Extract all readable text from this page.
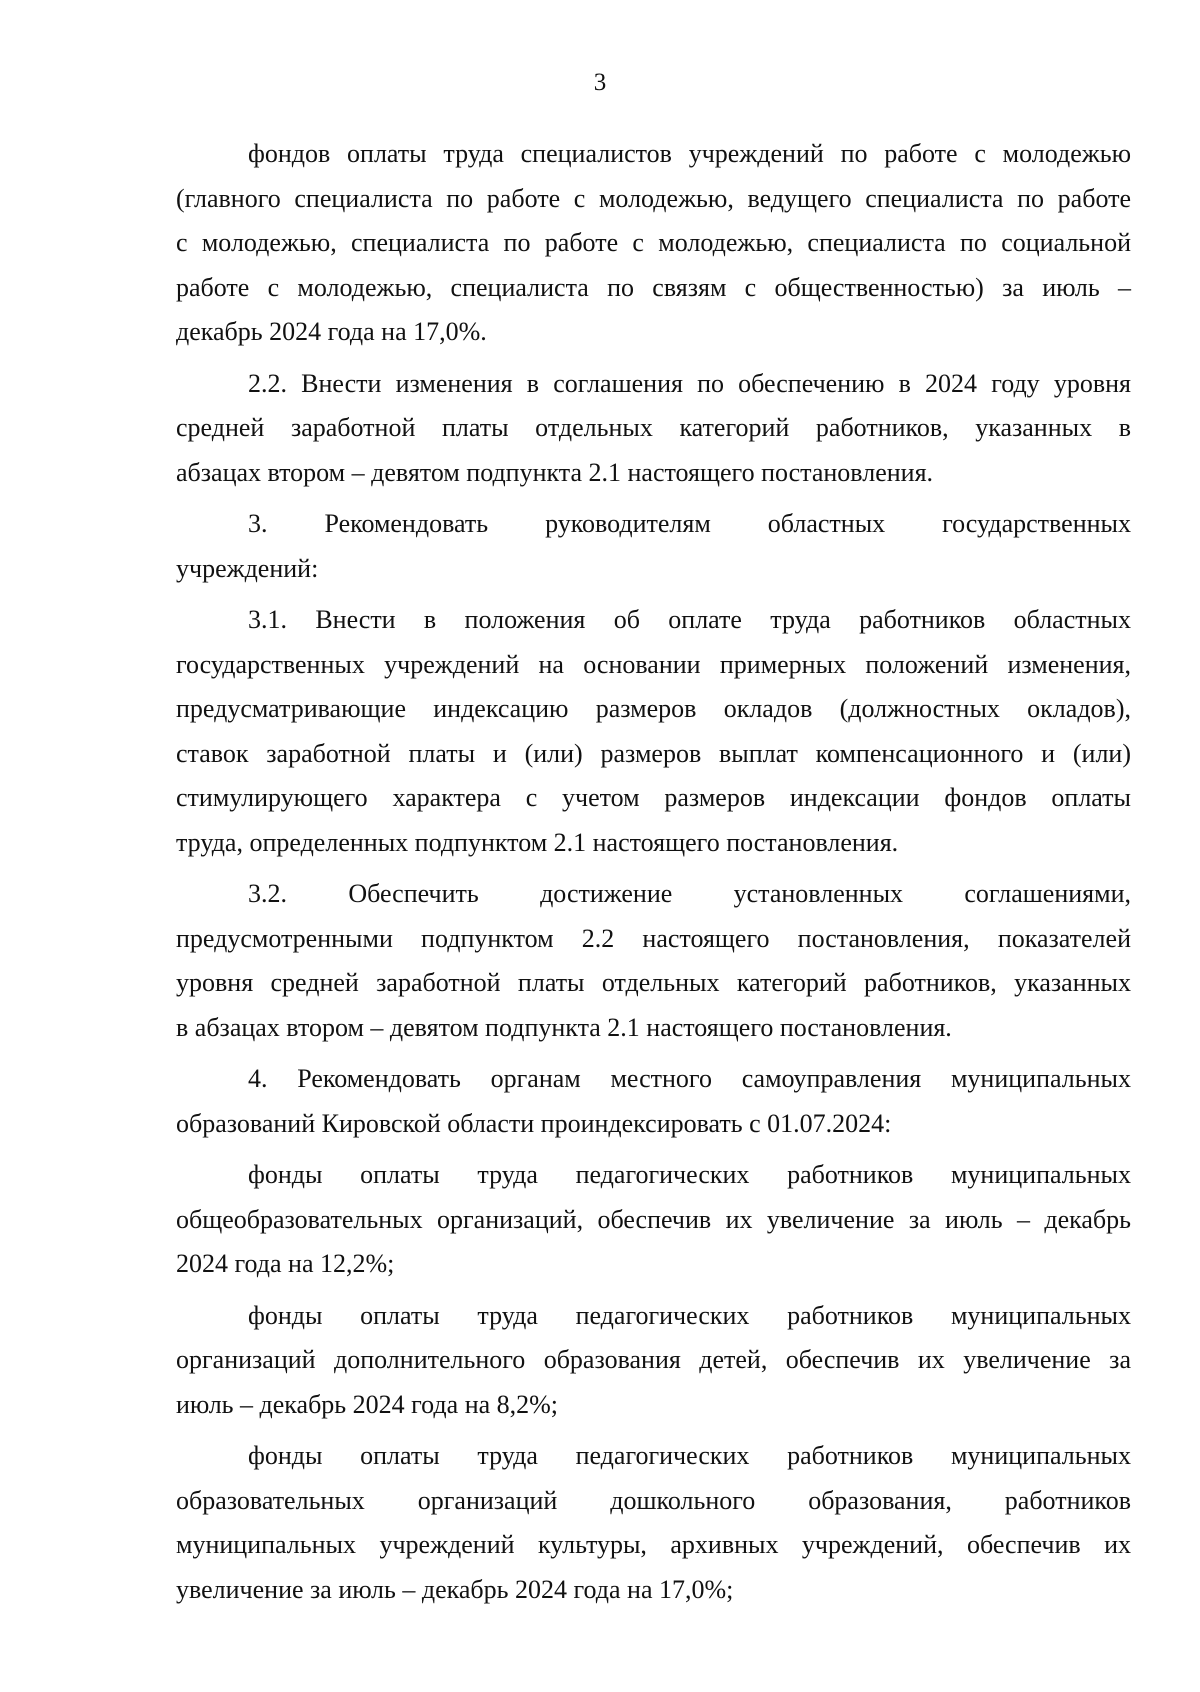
3
фондов оплаты труда специалистов учреждений по работе с молодежью
(главного специалиста по работе с молодежью, ведущего специалиста по работе
с молодежью, специалиста по работе с молодежью, специалиста по социальной
работе с молодежью, специалиста по связям с общественностью) за июль –
декабрь 2024 года на 17,0%.
2.2. Внести изменения в соглашения по обеспечению в 2024 году уровня
средней заработной платы отдельных категорий работников, указанных в
абзацах втором – девятом подпункта 2.1 настоящего постановления.
3. Рекомендовать руководителям областных государственных
учреждений:
3.1. Внести в положения об оплате труда работников областных
государственных учреждений на основании примерных положений изменения,
предусматривающие индексацию размеров окладов (должностных окладов),
ставок заработной платы и (или) размеров выплат компенсационного и (или)
стимулирующего характера с учетом размеров индексации фондов оплаты
труда, определенных подпунктом 2.1 настоящего постановления.
3.2. Обеспечить достижение установленных соглашениями,
предусмотренными подпунктом 2.2 настоящего постановления, показателей
уровня средней заработной платы отдельных категорий работников, указанных
в абзацах втором – девятом подпункта 2.1 настоящего постановления.
4. Рекомендовать органам местного самоуправления муниципальных
образований Кировской области проиндексировать с 01.07.2024:
фонды оплаты труда педагогических работников муниципальных
общеобразовательных организаций, обеспечив их увеличение за июль – декабрь
2024 года на 12,2%;
фонды оплаты труда педагогических работников муниципальных
организаций дополнительного образования детей, обеспечив их увеличение за
июль – декабрь 2024 года на 8,2%;
фонды оплаты труда педагогических работников муниципальных
образовательных организаций дошкольного образования, работников
муниципальных учреждений культуры, архивных учреждений, обеспечив их
увеличение за июль – декабрь 2024 года на 17,0%;
